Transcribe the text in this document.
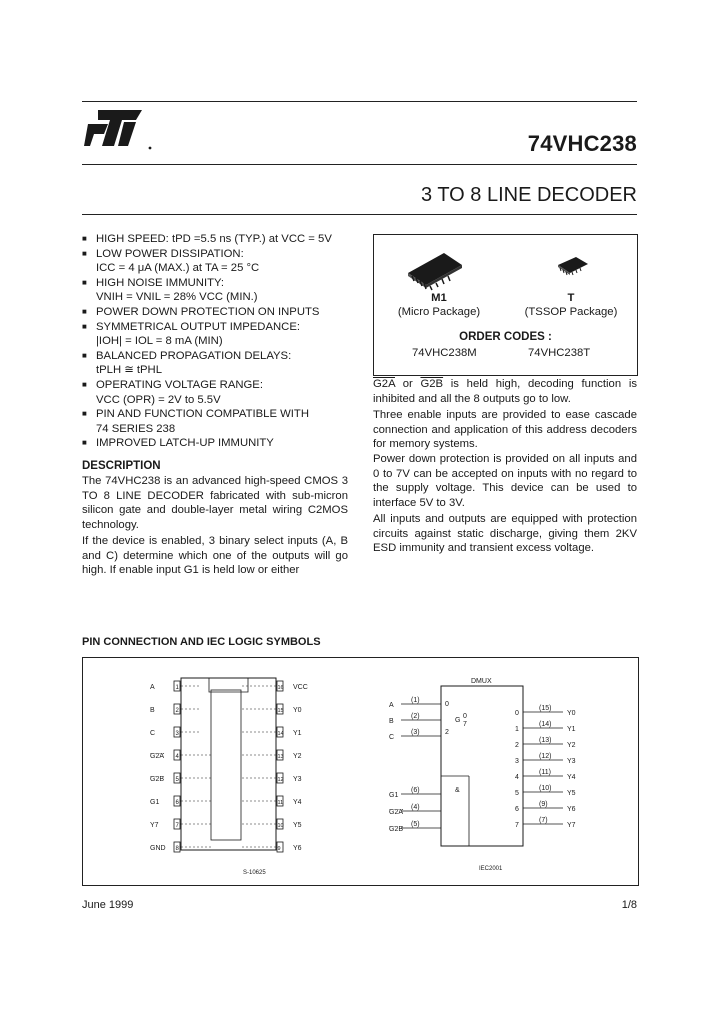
74VHC238
3 TO 8 LINE DECODER
■ HIGH SPEED: tPD =5.5 ns (TYP.) at VCC = 5V
■ LOW POWER DISSIPATION:
ICC = 4 μA (MAX.) at TA = 25 °C
■ HIGH NOISE IMMUNITY:
VNIH = VNIL = 28% VCC (MIN.)
■ POWER DOWN PROTECTION ON INPUTS
■ SYMMETRICAL OUTPUT IMPEDANCE:
|IOH| = IOL = 8 mA (MIN)
■ BALANCED PROPAGATION DELAYS:
tPLH ≅ tPHL
■ OPERATING VOLTAGE RANGE:
VCC (OPR) = 2V to 5.5V
■ PIN AND FUNCTION COMPATIBLE WITH
74 SERIES 238
■ IMPROVED LATCH-UP IMMUNITY
DESCRIPTION
The 74VHC238 is an advanced high-speed CMOS 3 TO 8 LINE DECODER fabricated with sub-micron silicon gate and double-layer metal wiring C2MOS technology.
If the device is enabled, 3 binary select inputs (A, B and C) determine which one of the outputs will go high. If enable input G1 is held low or either
M1
(Micro Package)
T
(TSSOP Package)
ORDER CODES :
74VHC238M	74VHC238T
G2A or G2B is held high, decoding function is inhibited and all the 8 outputs go to low.
Three enable inputs are provided to ease cascade connection and application of this address decoders for memory systems.
Power down protection is provided on all inputs and 0 to 7V can be accepted on inputs with no regard to the supply voltage. This device can be used to interface 5V to 3V.
All inputs and outputs are equipped with protection circuits against static discharge, giving them 2KV ESD immunity and transient excess voltage.
PIN CONNECTION AND IEC LOGIC SYMBOLS
1
A	16 VCC
2
B	15 Y0
3
C	14 Y1
4
G2A	13 Y2
5
G2B	12 Y3
6
G1	11 Y4
7
Y7	10 Y5
8
GND	9 Y6
S-10625
DMUX
0
2
0
7
G
&
A
(1)
B
(2)
C
(3)
G1
(6)
G2A
(4)
G2B
(5)
0
(15)
Y0
1
(14)
Y1
2
(13)
Y2
3
(12)
Y3
4
(11)
Y4
5
(10)
Y5
6
(9)
Y6
7
(7)
Y7
IEC2001
June 1999	1/8
